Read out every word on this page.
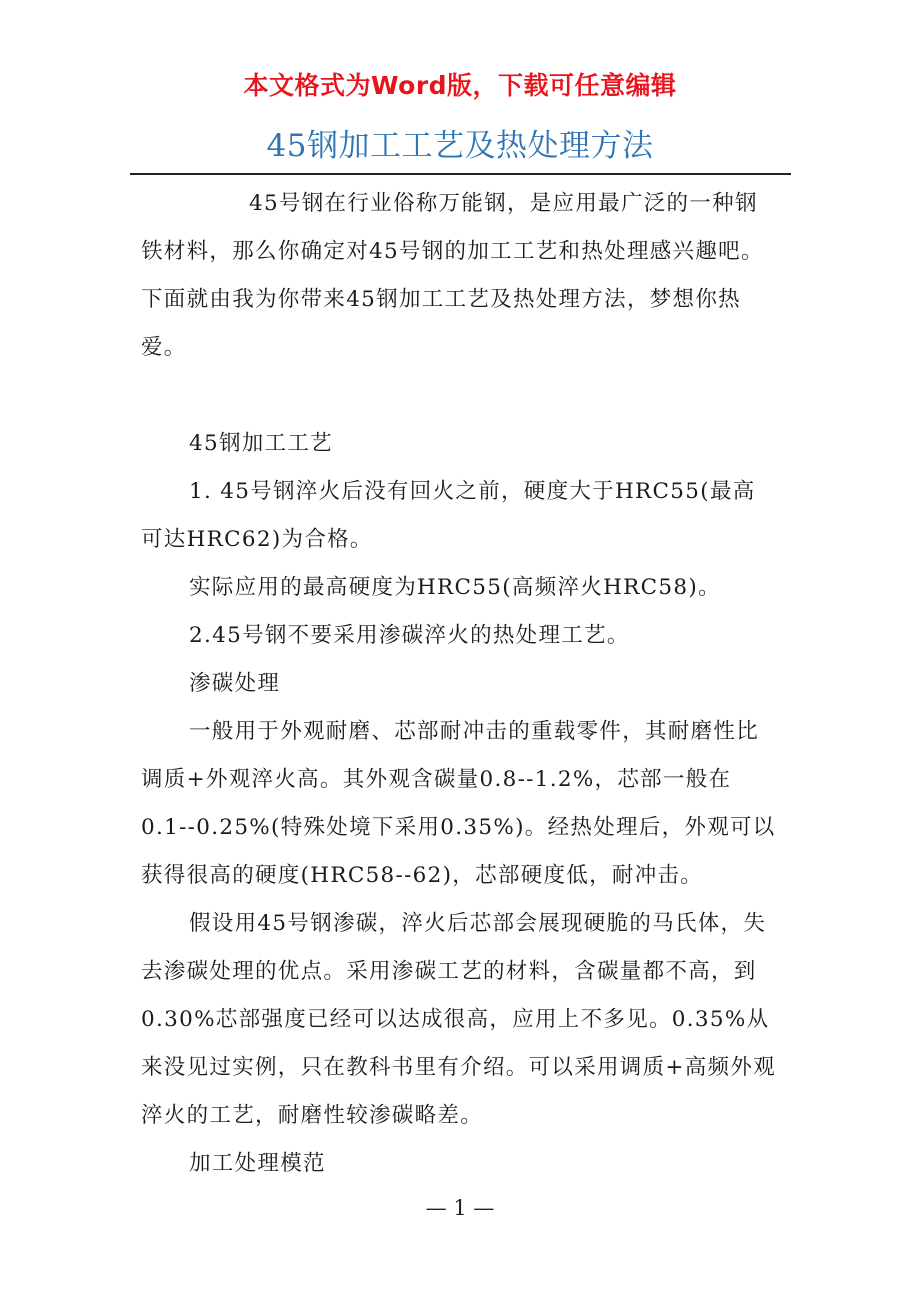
本文格式为Word版，下载可任意编辑
45钢加工工艺及热处理方法

45号钢在行业俗称万能钢，是应用最广泛的一种钢铁材料，那么你确定对45号钢的加工工艺和热处理感兴趣吧。下面就由我为你带来45钢加工工艺及热处理方法，梦想你热爱。

45钢加工工艺

1. 45号钢淬火后没有回火之前，硬度大于HRC55(最高可达HRC62)为合格。

实际应用的最高硬度为HRC55(高频淬火HRC58)。

2.45号钢不要采用渗碳淬火的热处理工艺。

渗碳处理

一般用于外观耐磨、芯部耐冲击的重载零件，其耐磨性比调质+外观淬火高。其外观含碳量0.8--1.2%，芯部一般在0.1--0.25%(特殊处境下采用0.35%)。经热处理后，外观可以获得很高的硬度(HRC58--62)，芯部硬度低，耐冲击。

假设用45号钢渗碳，淬火后芯部会展现硬脆的马氏体，失去渗碳处理的优点。采用渗碳工艺的材料，含碳量都不高，到0.30%芯部强度已经可以达成很高，应用上不多见。0.35%从来没见过实例，只在教科书里有介绍。可以采用调质+高频外观淬火的工艺，耐磨性较渗碳略差。

加工处理模范

— 1 —
